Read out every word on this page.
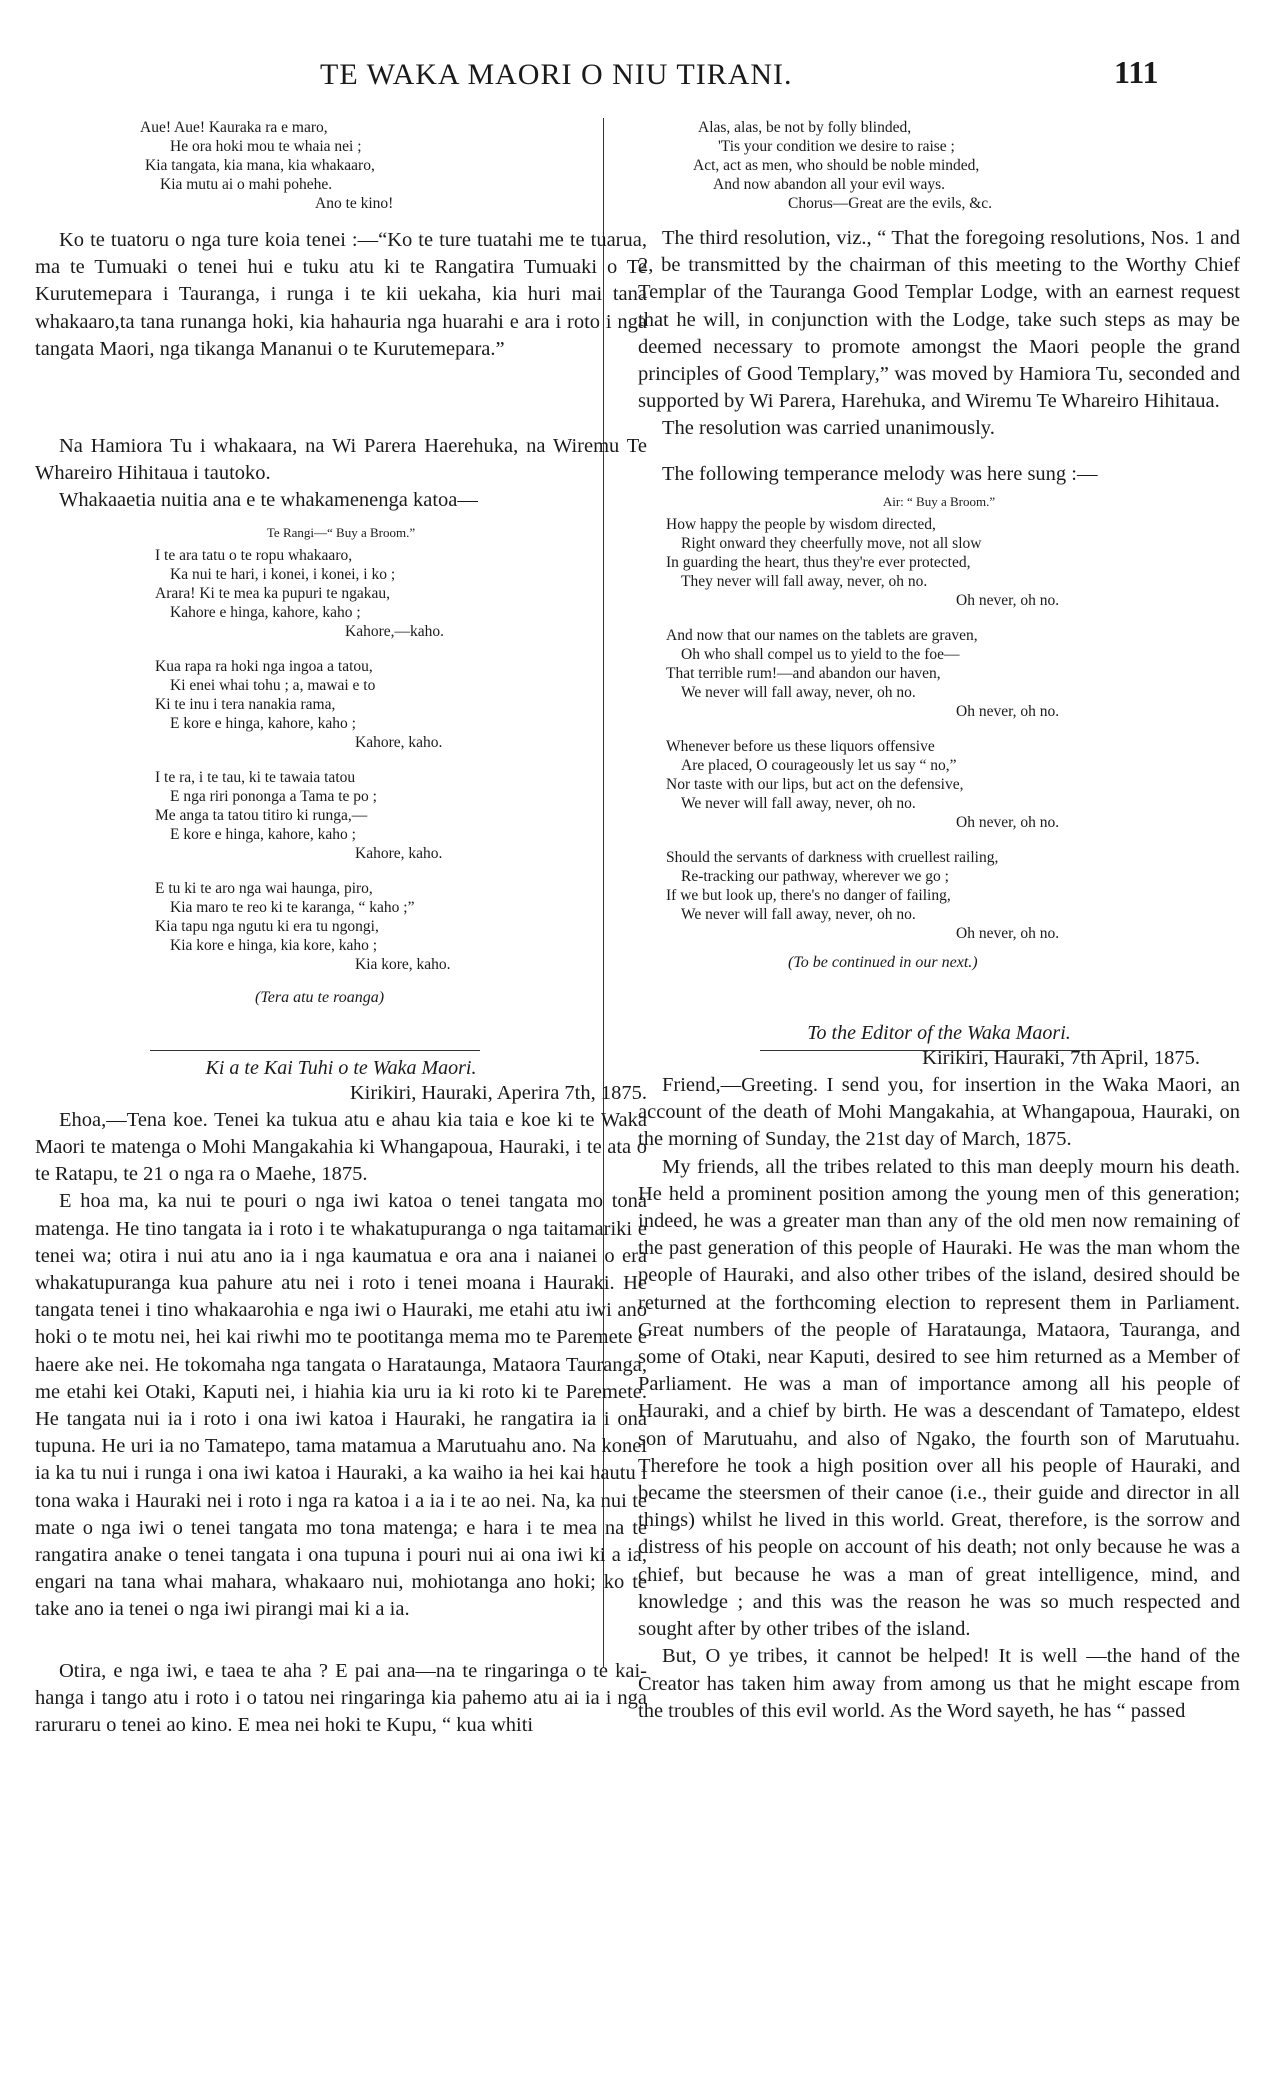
TE WAKA MAORI O NIU TIRANI.	111
Aue! Aue! Kauraka ra e maro,
He ora hoki mou te whaia nei ;
Kia tangata, kia mana, kia whakaaro,
Kia mutu ai o mahi pohehe.
Ano te kino!

Ko te tuatoru o nga ture koia tenei :—“Ko te ture tuatahi me te tuarua, ma te Tumuaki o tenei hui e tuku atu ki te Rangatira Tumuaki o Te Kurutemepara i Tauranga, i runga i te kii uekaha, kia huri mai tana whakaaro,ta tana runanga hoki, kia hahauria nga huarahi e ara i roto i nga tangata Maori, nga tikanga Mananui o te Kurutemepara.”

Na Hamiora Tu i whakaara, na Wi Parera Haerehuka, na Wiremu Te Whareiro Hihitaua i tautoko.

Whakaaetia nuitia ana e te whakamenenga katoa—

Te Rangi—“ Buy a Broom.”
I te ara tatu o te ropu whakaaro,
Ka nui te hari, i konei, i konei, i ko ;
Arara! Ki te mea ka pupuri te ngakau,
Kahore e hinga, kahore, kaho ;
Kahore,—kaho.
Kua rapa ra hoki nga ingoa a tatou,
Ki enei whai tohu ; a, mawai e to
Ki te inu i tera nanakia rama,
E kore e hinga, kahore, kaho ;
Kahore, kaho.
I te ra, i te tau, ki te tawaia tatou
E nga riri pononga a Tama te po ;
Me anga ta tatou titiro ki runga,—
E kore e hinga, kahore, kaho ;
Kahore, kaho.
E tu ki te aro nga wai haunga, piro,
Kia maro te reo ki te karanga, “ kaho ;”
Kia tapu nga ngutu ki era tu ngongi,
Kia kore e hinga, kia kore, kaho ;
Kia kore, kaho.
(Tera atu te roanga)
Ki a te Kai Tuhi o te Waka Maori.
Kirikiri, Hauraki, Aperira 7th, 1875.

Ehoa,—Tena koe. Tenei ka tukua atu e ahau kia taia e koe ki te Waka Maori te matenga o Mohi Mangakahia ki Whangapoua, Hauraki, i te ata o te Ratapu, te 21 o nga ra o Maehe, 1875.

E hoa ma, ka nui te pouri o nga iwi katoa o tenei tangata mo tona matenga. He tino tangata ia i roto i te whakatupuranga o nga taitamariki e tenei wa; otira i nui atu ano ia i nga kaumatua e ora ana i naianei o era whakatupuranga kua pahure atu nei i roto i tenei moana i Hauraki. He tangata tenei i tino whakaarohia e nga iwi o Hauraki, me etahi atu iwi ano hoki o te motu nei, hei kai riwhi mo te pootitanga mema mo te Paremete e haere ake nei. He tokomaha nga tangata o Harataunga, Mataora Tauranga, me etahi kei Otaki, Kaputi nei, i hiahia kia uru ia ki roto ki te Paremete. He tangata nui ia i roto i ona iwi katoa i Hauraki, he rangatira ia i ona tupuna. He uri ia no Tamatepo, tama matamua a Marutuahu ano. Na konei ia ka tu nui i runga i ona iwi katoa i Hauraki, a ka waiho ia hei kai hautu i tona waka i Hauraki nei i roto i nga ra katoa i a ia i te ao nei. Na, ka nui te mate o nga iwi o tenei tangata mo tona matenga; e hara i te mea na te rangatira anake o tenei tangata i ona tupuna i pouri nui ai ona iwi ki a ia, engari na tana whai mahara, whakaaro nui, mohiotanga ano hoki; ko te take ano ia tenei o nga iwi pirangi mai ki a ia.

Otira, e nga iwi, e taea te aha ? E pai ana—na te ringaringa o te kai-hanga i tango atu i roto i o tatou nei ringaringa kia pahemo atu ai ia i nga raruraru o tenei ao kino. E mea nei hoki te Kupu, “ kua whiti

Alas, alas, be not by folly blinded,
'Tis your condition we desire to raise ;
Act, act as men, who should be noble minded,
And now abandon all your evil ways.
Chorus—Great are the evils, &c.

The third resolution, viz., “ That the foregoing resolutions, Nos. 1 and 2, be transmitted by the chairman of this meeting to the Worthy Chief Templar of the Tauranga Good Templar Lodge, with an earnest request that he will, in conjunction with the Lodge, take such steps as may be deemed necessary to promote amongst the Maori people the grand principles of Good Templary,” was moved by Hamiora Tu, seconded and supported by Wi Parera, Harehuka, and Wiremu Te Whareiro Hihitaua.

The resolution was carried unanimously.

The following temperance melody was here sung :—

Air: “ Buy a Broom.”
How happy the people by wisdom directed,
Right onward they cheerfully move, not all slow
In guarding the heart, thus they're ever protected,
They never will fall away, never, oh no.
Oh never, oh no.
And now that our names on the tablets are graven,
Oh who shall compel us to yield to the foe—
That terrible rum!—and abandon our haven,
We never will fall away, never, oh no.
Oh never, oh no.
Whenever before us these liquors offensive
Are placed, O courageously let us say “ no,”
Nor taste with our lips, but act on the defensive,
We never will fall away, never, oh no.
Oh never, oh no.
Should the servants of darkness with cruellest railing,
Re-tracking our pathway, wherever we go ;
If we but look up, there's no danger of failing,
We never will fall away, never, oh no.
Oh never, oh no.
(To be continued in our next.)
To the Editor of the Waka Maori.
Kirikiri, Hauraki, 7th April, 1875.

Friend,—Greeting. I send you, for insertion in the Waka Maori, an account of the death of Mohi Mangakahia, at Whangapoua, Hauraki, on the morning of Sunday, the 21st day of March, 1875.

My friends, all the tribes related to this man deeply mourn his death. He held a prominent position among the young men of this generation; indeed, he was a greater man than any of the old men now remaining of the past generation of this people of Hauraki. He was the man whom the people of Hauraki, and also other tribes of the island, desired should be returned at the forthcoming election to represent them in Parliament. Great numbers of the people of Harataunga, Mataora, Tauranga, and some of Otaki, near Kaputi, desired to see him returned as a Member of Parliament. He was a man of importance among all his people of Hauraki, and a chief by birth. He was a descendant of Tamatepo, eldest son of Marutuahu, and also of Ngako, the fourth son of Marutuahu. Therefore he took a high position over all his people of Hauraki, and became the steersmen of their canoe (i.e., their guide and director in all things) whilst he lived in this world. Great, therefore, is the sorrow and distress of his people on account of his death; not only because he was a chief, but because he was a man of great intelligence, mind, and knowledge ; and this was the reason he was so much respected and sought after by other tribes of the island.

But, O ye tribes, it cannot be helped! It is well —the hand of the Creator has taken him away from among us that he might escape from the troubles of this evil world. As the Word sayeth, he has “ passed
